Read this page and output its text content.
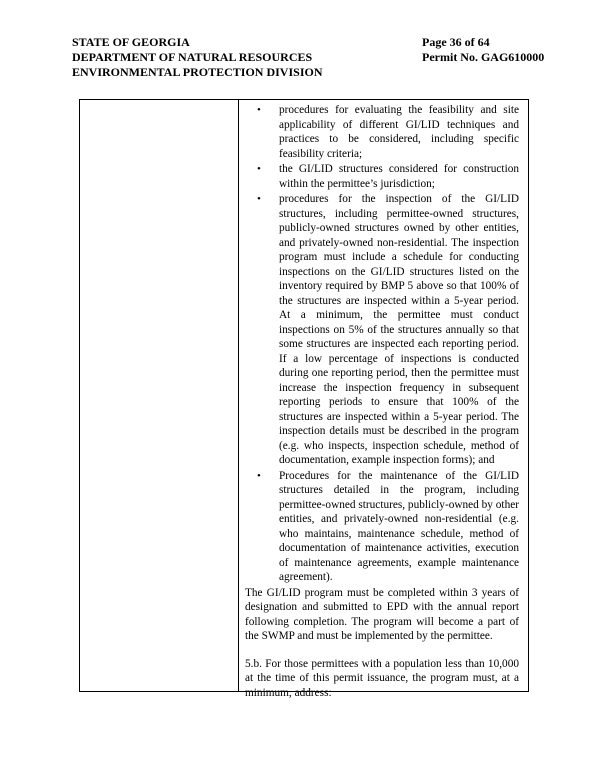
STATE OF GEORGIA	Page 36 of 64
DEPARTMENT OF NATURAL RESOURCES	Permit No. GAG610000
ENVIRONMENTAL PROTECTION DIVISION
• procedures for evaluating the feasibility and site applicability of different GI/LID techniques and practices to be considered, including specific feasibility criteria;
• the GI/LID structures considered for construction within the permittee’s jurisdiction;
• procedures for the inspection of the GI/LID structures, including permittee-owned structures, publicly-owned structures owned by other entities, and privately-owned non-residential. The inspection program must include a schedule for conducting inspections on the GI/LID structures listed on the inventory required by BMP 5 above so that 100% of the structures are inspected within a 5-year period. At a minimum, the permittee must conduct inspections on 5% of the structures annually so that some structures are inspected each reporting period. If a low percentage of inspections is conducted during one reporting period, then the permittee must increase the inspection frequency in subsequent reporting periods to ensure that 100% of the structures are inspected within a 5-year period. The inspection details must be described in the program (e.g. who inspects, inspection schedule, method of documentation, example inspection forms); and
• Procedures for the maintenance of the GI/LID structures detailed in the program, including permittee-owned structures, publicly-owned by other entities, and privately-owned non-residential (e.g. who maintains, maintenance schedule, method of documentation of maintenance activities, execution of maintenance agreements, example maintenance agreement).

The GI/LID program must be completed within 3 years of designation and submitted to EPD with the annual report following completion. The program will become a part of the SWMP and must be implemented by the permittee.

5.b. For those permittees with a population less than 10,000 at the time of this permit issuance, the program must, at a minimum, address:
